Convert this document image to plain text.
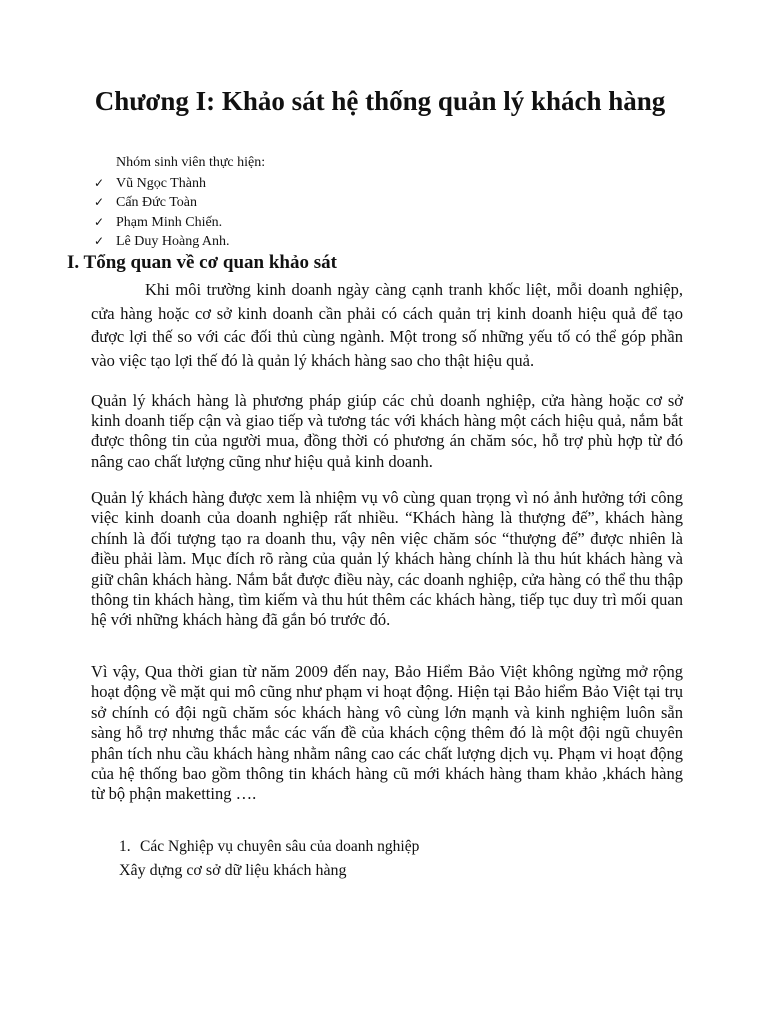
Chương I: Khảo sát hệ thống quản lý khách hàng
Nhóm sinh viên thực hiện:
✓ Vũ Ngọc Thành
✓ Cấn Đức Toàn
✓ Phạm Minh Chiến.
✓ Lê Duy Hoàng Anh.
I. Tổng quan về cơ quan khảo sát

Khi môi trường kinh doanh ngày càng cạnh tranh khốc liệt, mỗi doanh nghiệp, cửa hàng hoặc cơ sở kinh doanh cần phải có cách quản trị kinh doanh hiệu quả để tạo được lợi thế so với các đối thủ cùng ngành. Một trong số những yếu tố có thể góp phần vào việc tạo lợi thế đó là quản lý khách hàng sao cho thật hiệu quả.

Quản lý khách hàng là phương pháp giúp các chủ doanh nghiệp, cửa hàng hoặc cơ sở kinh doanh tiếp cận và giao tiếp và tương tác với khách hàng một cách hiệu quả, nắm bắt được thông tin của người mua, đồng thời có phương án chăm sóc, hỗ trợ phù hợp từ đó nâng cao chất lượng cũng như hiệu quả kinh doanh.

Quản lý khách hàng được xem là nhiệm vụ vô cùng quan trọng vì nó ảnh hưởng tới công việc kinh doanh của doanh nghiệp rất nhiều. “Khách hàng là thượng đế”, khách hàng chính là đối tượng tạo ra doanh thu, vậy nên việc chăm sóc “thượng đế” được nhiên là điều phải làm. Mục đích rõ ràng của quản lý khách hàng chính là thu hút khách hàng và giữ chân khách hàng. Nắm bắt được điều này, các doanh nghiệp, cửa hàng có thể thu thập thông tin khách hàng, tìm kiếm và thu hút thêm các khách hàng, tiếp tục duy trì mối quan hệ với những khách hàng đã gắn bó trước đó.

Vì vậy, Qua thời gian từ năm 2009 đến nay, Bảo Hiểm Bảo Việt không ngừng mở rộng hoạt động về mặt qui mô cũng như phạm vi hoạt động. Hiện tại Bảo hiểm Bảo Việt tại trụ sở chính có đội ngũ chăm sóc khách hàng vô cùng lớn mạnh và kinh nghiệm luôn sẵn sàng hỗ trợ nhưng thắc mắc các vấn đề của khách cộng thêm đó là một đội ngũ chuyên phân tích nhu cầu khách hàng nhằm nâng cao các chất lượng dịch vụ. Phạm vi hoạt động của hệ thống bao gồm thông tin khách hàng cũ mới khách hàng tham khảo ,khách hàng từ bộ phận maketting ….

1. Các Nghiệp vụ chuyên sâu của doanh nghiệp
Xây dựng cơ sở dữ liệu khách hàng
